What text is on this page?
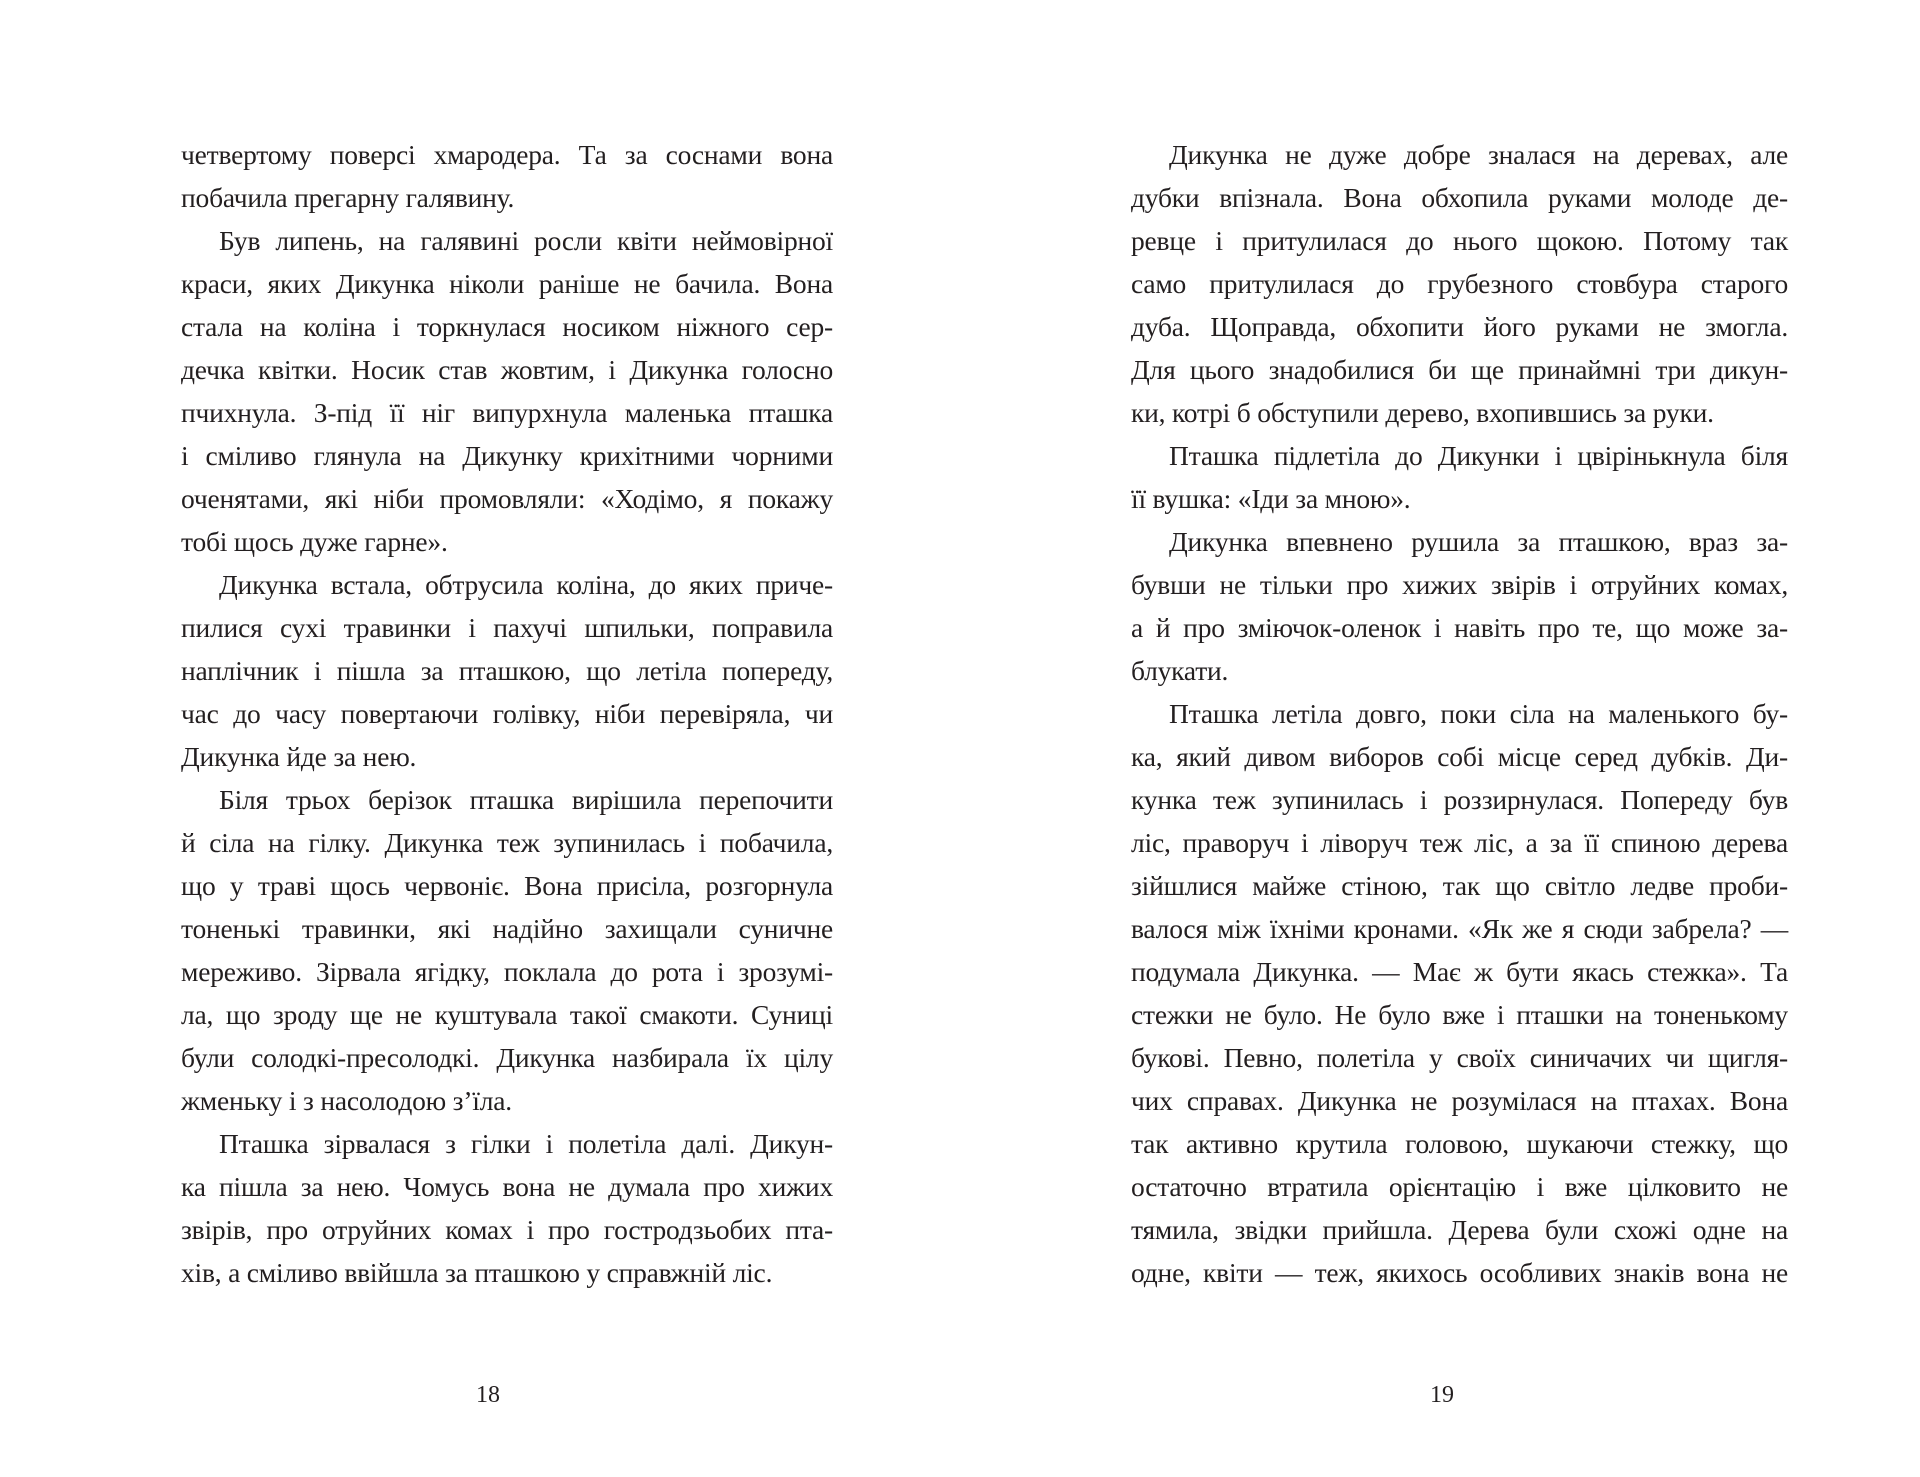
четвертому поверсі хмародера. Та за соснами вона
побачила прегарну галявину.
Був липень, на галявині росли квіти неймовірної
краси, яких Дикунка ніколи раніше не бачила. Вона
стала на коліна і торкнулася носиком ніжного сер-
дечка квітки. Носик став жовтим, і Дикунка голосно
пчихнула. З-під її ніг випурхнула маленька пташка
і сміливо глянула на Дикунку крихітними чорними
оченятами, які ніби промовляли: «Ходімо, я покажу
тобі щось дуже гарне».
Дикунка встала, обтрусила коліна, до яких приче-
пилися сухі травинки і пахучі шпильки, поправила
наплічник і пішла за пташкою, що летіла попереду,
час до часу повертаючи голівку, ніби перевіряла, чи
Дикунка йде за нею.
Біля трьох берізок пташка вирішила перепочити
й сіла на гілку. Дикунка теж зупинилась і побачила,
що у траві щось червоніє. Вона присіла, розгорнула
тоненькі травинки, які надійно захищали суничне
мереживо. Зірвала ягідку, поклала до рота і зрозумі-
ла, що зроду ще не куштувала такої смакоти. Суниці
були солодкі-пресолодкі. Дикунка назбирала їх цілу
жменьку і з насолодою з’їла.
Пташка зірвалася з гілки і полетіла далі. Дикун-
ка пішла за нею. Чомусь вона не думала про хижих
звірів, про отруйних комах і про гостродзьобих пта-
хів, а сміливо ввійшла за пташкою у справжній ліс.
18
Дикунка не дуже добре зналася на деревах, але
дубки впізнала. Вона обхопила руками молоде де-
ревце і притулилася до нього щокою. Потому так
само притулилася до грубезного стовбура старого
дуба. Щоправда, обхопити його руками не змогла.
Для цього знадобилися би ще принаймні три дикун-
ки, котрі б обступили дерево, вхопившись за руки.
Пташка підлетіла до Дикунки і цвірінькнула біля
її вушка: «Іди за мною».
Дикунка впевнено рушила за пташкою, враз за-
бувши не тільки про хижих звірів і отруйних комах,
а й про зміючок-оленок і навіть про те, що може за-
блукати.
Пташка летіла довго, поки сіла на маленького бу-
ка, який дивом виборов собі місце серед дубків. Ди-
кунка теж зупинилась і роззирнулася. Попереду був
ліс, праворуч і ліворуч теж ліс, а за її спиною дерева
зійшлися майже стіною, так що світло ледве проби-
валося між їхніми кронами. «Як же я сюди забрела? —
подумала Дикунка. — Має ж бути якась стежка». Та
стежки не було. Не було вже і пташки на тоненькому
букові. Певно, полетіла у своїх синичачих чи щигля-
чих справах. Дикунка не розумілася на птахах. Вона
так активно крутила головою, шукаючи стежку, що
остаточно втратила орієнтацію і вже цілковито не
тямила, звідки прийшла. Дерева були схожі одне на
одне, квіти — теж, якихось особливих знаків вона не
19
